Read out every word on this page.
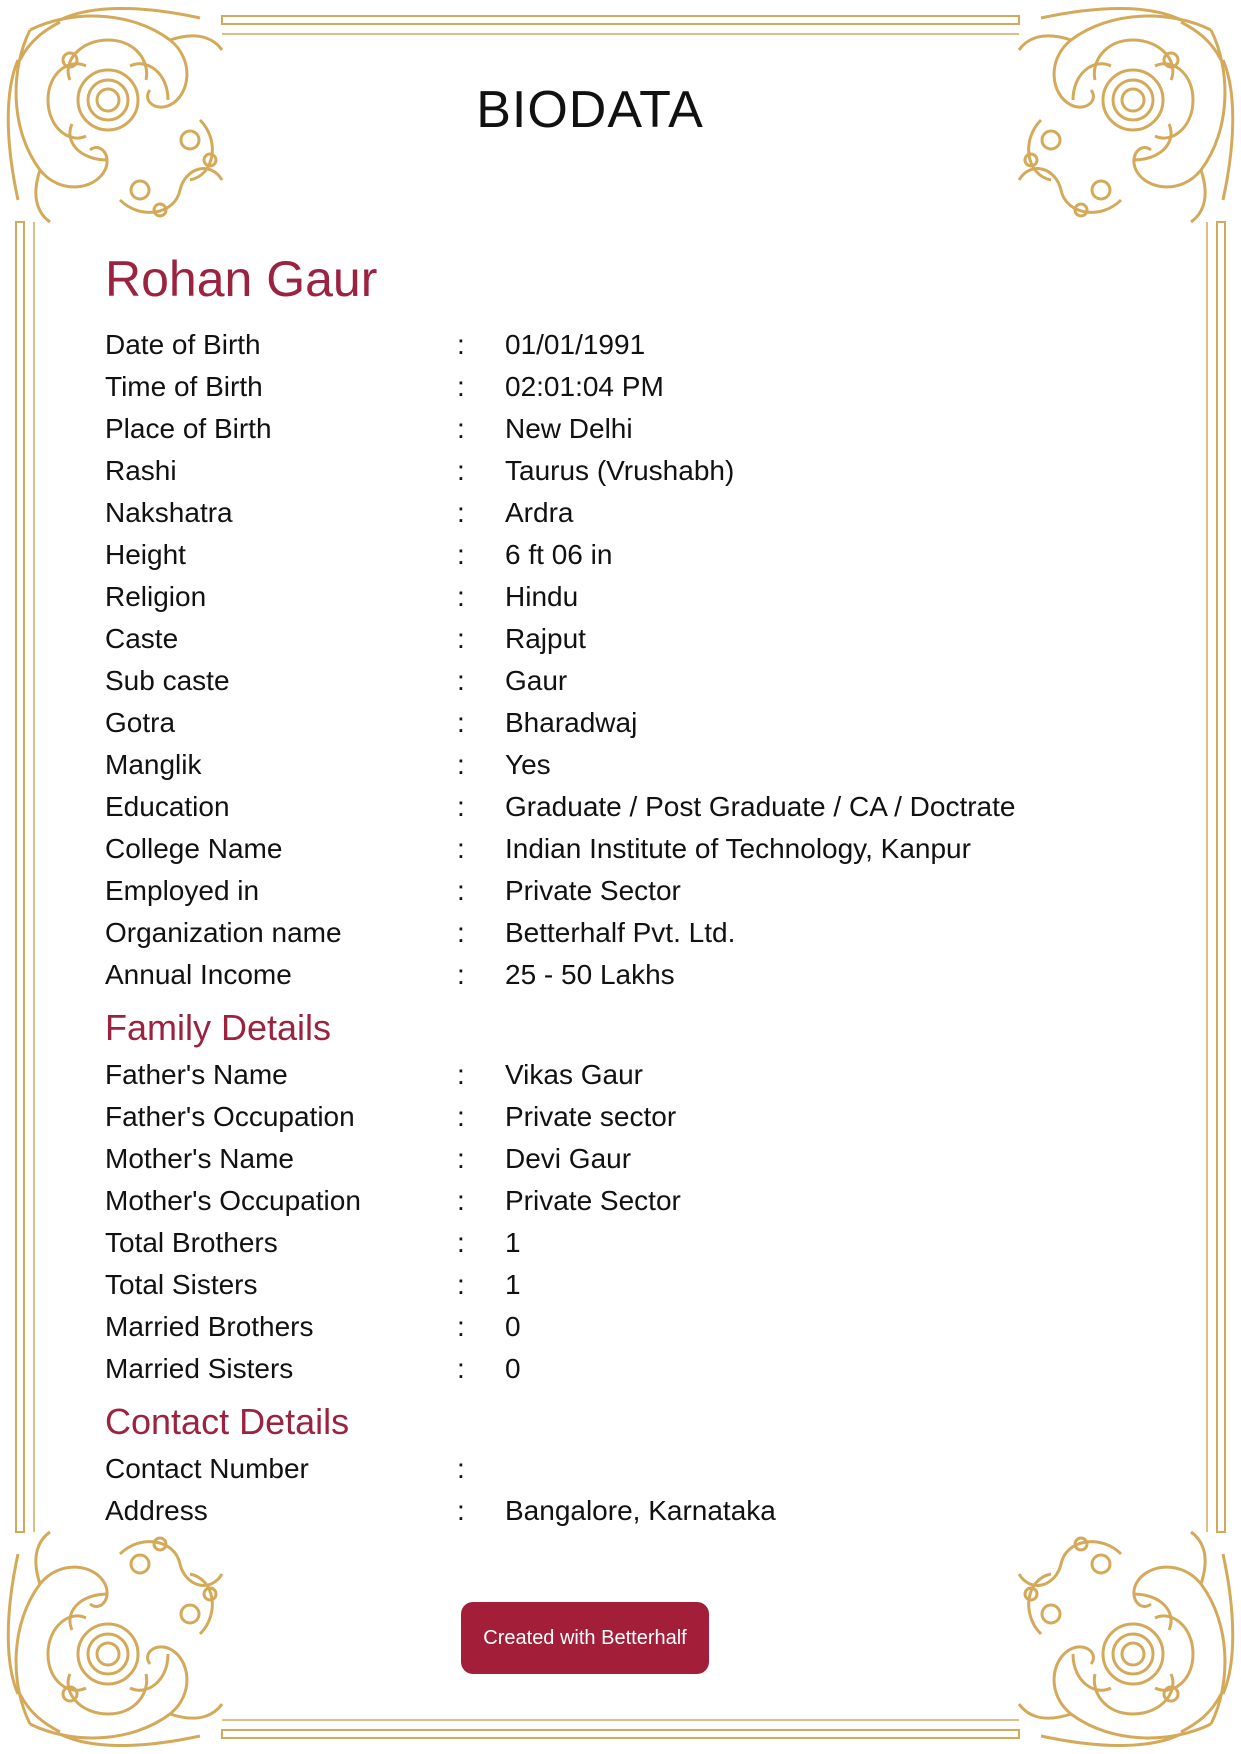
BIODATA
Rohan Gaur
Date of Birth	:	01/01/1991
Time of Birth	:	02:01:04 PM
Place of Birth	:	New Delhi
Rashi	:	Taurus (Vrushabh)
Nakshatra	:	Ardra
Height	:	6 ft 06 in
Religion	:	Hindu
Caste	:	Rajput
Sub caste	:	Gaur
Gotra	:	Bharadwaj
Manglik	:	Yes
Education	:	Graduate / Post Graduate / CA / Doctrate
College Name	:	Indian Institute of Technology, Kanpur
Employed in	:	Private Sector
Organization name	:	Betterhalf Pvt. Ltd.
Annual Income	:	25 - 50 Lakhs
Family Details
Father's Name	:	Vikas Gaur
Father's Occupation	:	Private sector
Mother's Name	:	Devi Gaur
Mother's Occupation	:	Private Sector
Total Brothers	:	1
Total Sisters	:	1
Married Brothers	:	0
Married Sisters	:	0
Contact Details
Contact Number	:
Address	:	Bangalore, Karnataka
Created with Betterhalf
